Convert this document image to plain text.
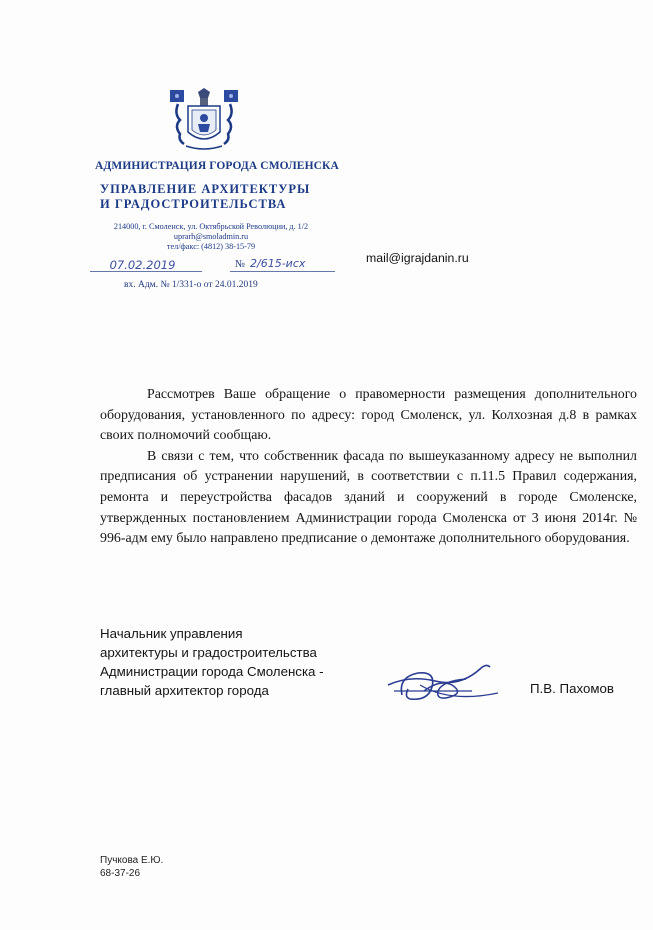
АДМИНИСТРАЦИЯ ГОРОДА СМОЛЕНСКА
УПРАВЛЕНИЕ АРХИТЕКТУРЫ
И ГРАДОСТРОИТЕЛЬСТВА
214000, г. Смоленск, ул. Октябрьской Революции, д. 1/2
uprarh@smoladmin.ru
тел/факс: (4812) 38-15-79
07.02.2019	№ 2/615-исх
вх. Адм. № 1/331-о от 24.01.2019
mail@igrajdanin.ru

Рассмотрев Ваше обращение о правомерности размещения дополнительного оборудования, установленного по адресу: город Смоленск, ул. Колхозная д.8 в рамках своих полномочий сообщаю.

В связи с тем, что собственник фасада по вышеуказанному адресу не выполнил предписания об устранении нарушений, в соответствии с п.11.5 Правил содержания, ремонта и переустройства фасадов зданий и сооружений в городе Смоленске, утвержденных постановлением Администрации города Смоленска от 3 июня 2014г. № 996-адм ему было направлено предписание о демонтаже дополнительного оборудования.

Начальник управления
архитектуры и градостроительства
Администрации города Смоленска -
главный архитектор города	П.В. Пахомов
Пучкова Е.Ю.
68-37-26
